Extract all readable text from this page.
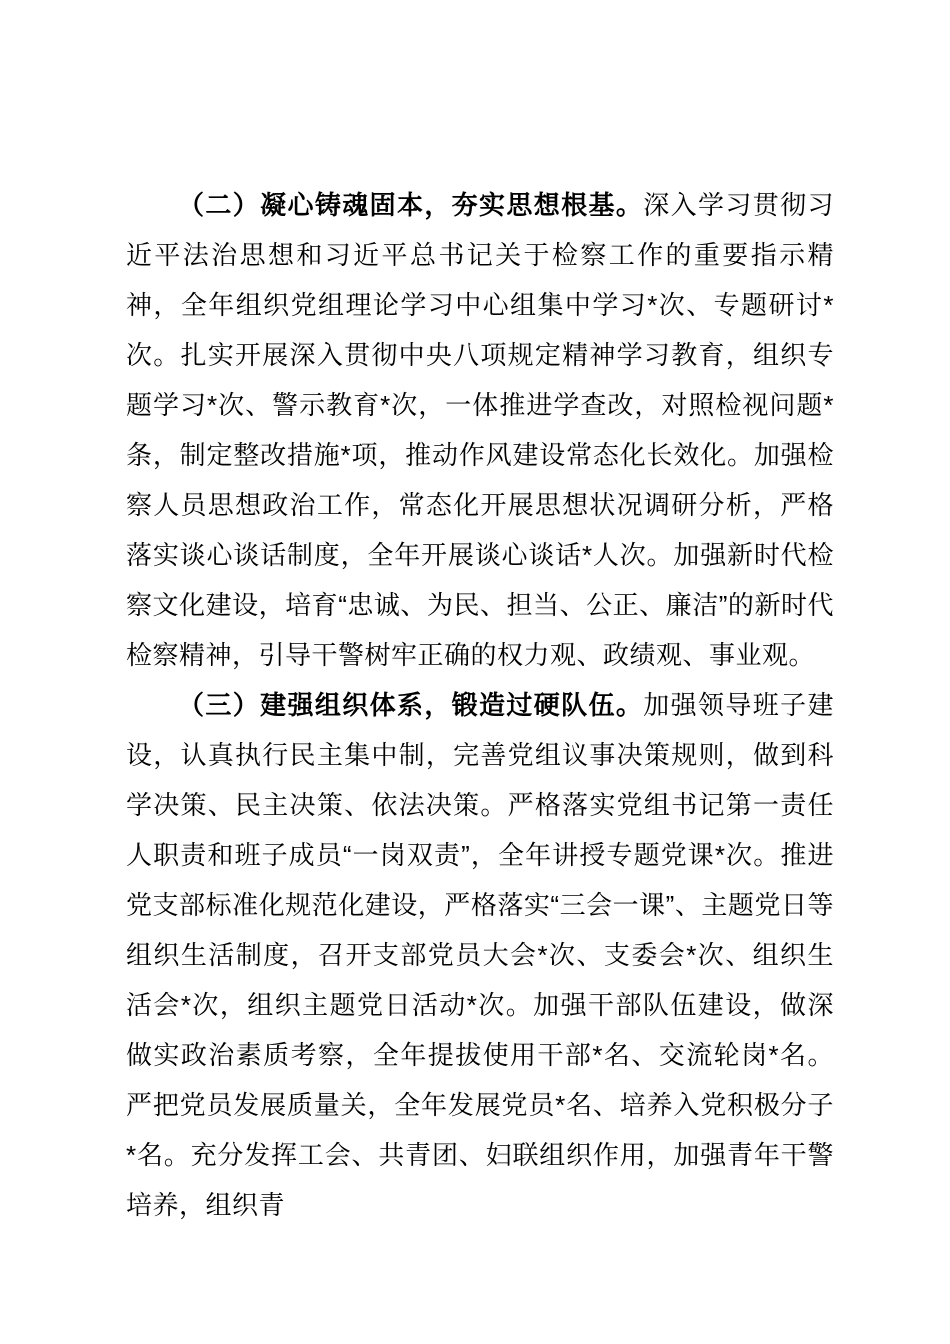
（二）凝心铸魂固本，夯实思想根基。深入学习贯彻习近平法治思想和习近平总书记关于检察工作的重要指示精神，全年组织党组理论学习中心组集中学习*次、专题研讨*次。扎实开展深入贯彻中央八项规定精神学习教育，组织专题学习*次、警示教育*次，一体推进学查改，对照检视问题*条，制定整改措施*项，推动作风建设常态化长效化。加强检察人员思想政治工作，常态化开展思想状况调研分析，严格落实谈心谈话制度，全年开展谈心谈话*人次。加强新时代检察文化建设，培育“忠诚、为民、担当、公正、廉洁”的新时代检察精神，引导干警树牢正确的权力观、政绩观、事业观。

（三）建强组织体系，锻造过硬队伍。加强领导班子建设，认真执行民主集中制，完善党组议事决策规则，做到科学决策、民主决策、依法决策。严格落实党组书记第一责任人职责和班子成员“一岗双责”，全年讲授专题党课*次。推进党支部标准化规范化建设，严格落实“三会一课”、主题党日等组织生活制度，召开支部党员大会*次、支委会*次、组织生活会*次，组织主题党日活动*次。加强干部队伍建设，做深做实政治素质考察，全年提拔使用干部*名、交流轮岗*名。严把党员发展质量关，全年发展党员*名、培养入党积极分子*名。充分发挥工会、共青团、妇联组织作用，加强青年干警培养，组织青
